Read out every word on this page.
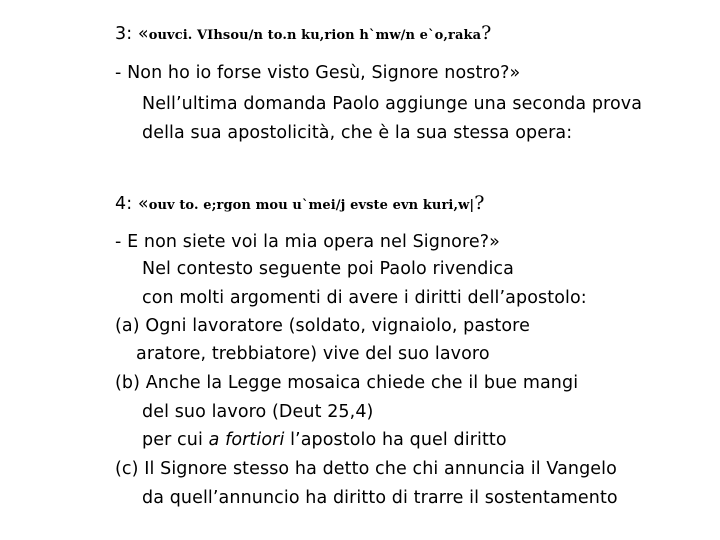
3: «ouvci. VIhsou/n to.n ku,rion h`mw/n e`o,raka?
- Non ho io forse visto Gesù, Signore nostro?»
Nell’ultima domanda Paolo aggiunge una seconda prova
della sua apostolicità, che è la sua stessa opera:
4: «ouv to. e;rgon mou u`mei/j evste evn kuri,w|?
- E non siete voi la mia opera nel Signore?»
Nel contesto seguente poi Paolo rivendica
con molti argomenti di avere i diritti dell’apostolo:
(a) Ogni lavoratore (soldato, vignaiolo, pastore
aratore, trebbiatore) vive del suo lavoro
(b) Anche la Legge mosaica chiede che il bue mangi
del suo lavoro (Deut 25,4)
per cui a fortiori l’apostolo ha quel diritto
(c) Il Signore stesso ha detto che chi annuncia il Vangelo
da quell’annuncio ha diritto di trarre il sostentamento
